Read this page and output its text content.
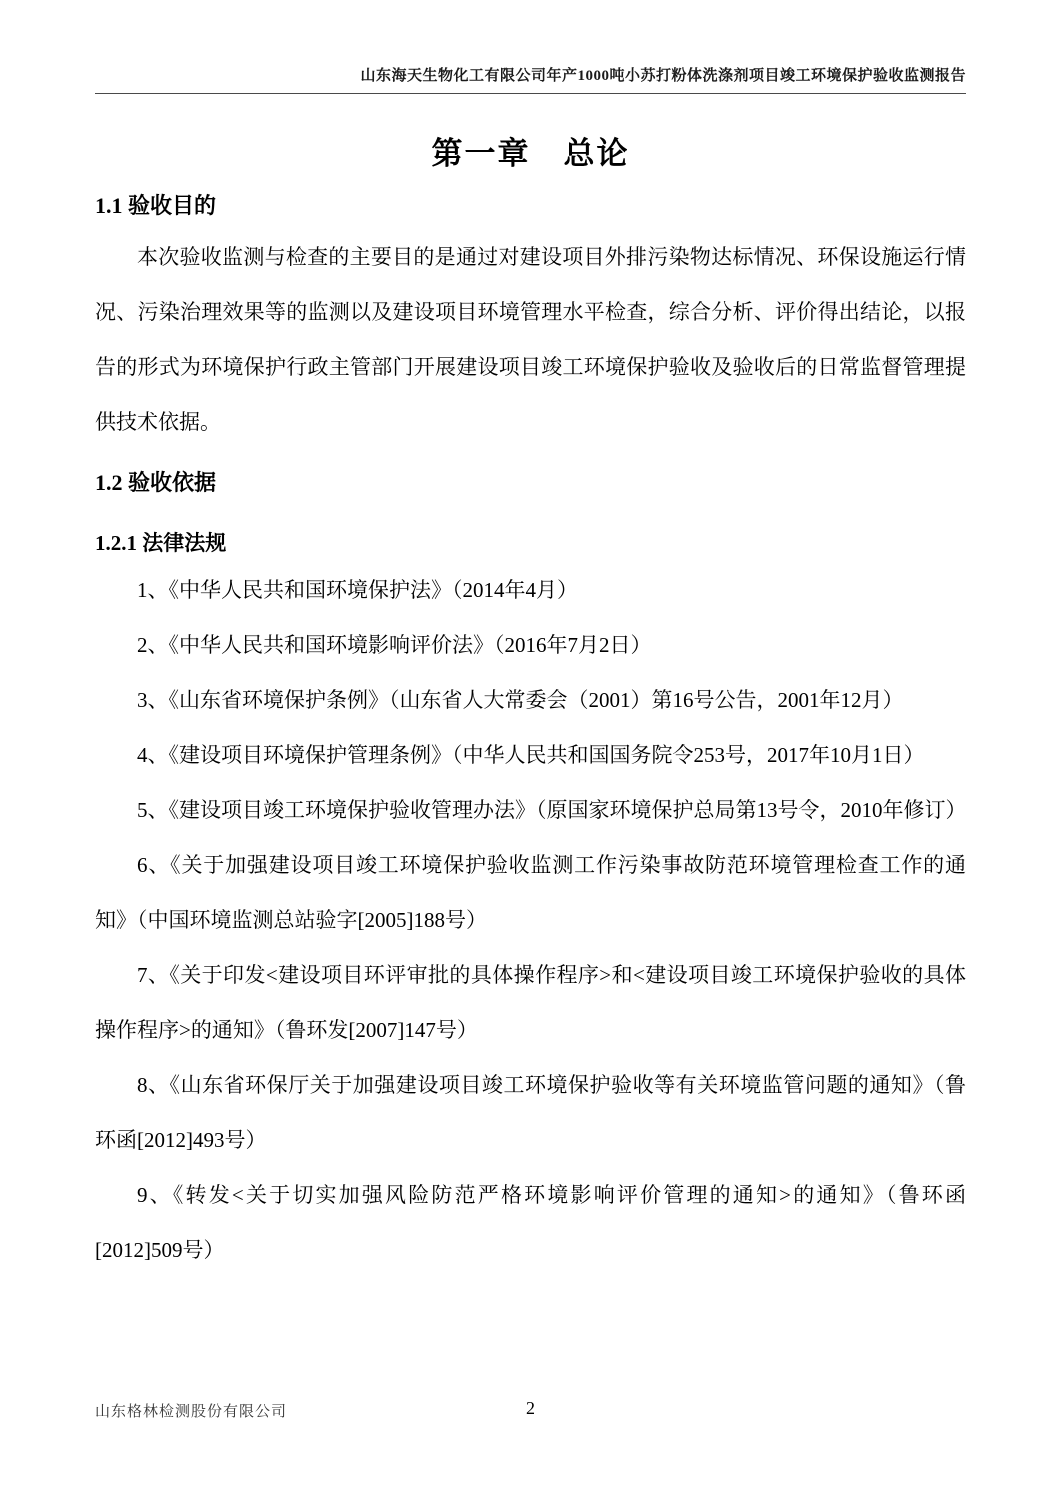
山东海天生物化工有限公司年产1000吨小苏打粉体洗涤剂项目竣工环境保护验收监测报告
第一章　总论
1.1 验收目的

本次验收监测与检查的主要目的是通过对建设项目外排污染物达标情况、环保设施运行情况、污染治理效果等的监测以及建设项目环境管理水平检查，综合分析、评价得出结论，以报告的形式为环境保护行政主管部门开展建设项目竣工环境保护验收及验收后的日常监督管理提供技术依据。

1.2 验收依据
1.2.1 法律法规

1、《中华人民共和国环境保护法》（2014年4月）

2、《中华人民共和国环境影响评价法》（2016年7月2日）

3、《山东省环境保护条例》（山东省人大常委会（2001）第16号公告，2001年12月）

4、《建设项目环境保护管理条例》（中华人民共和国国务院令253号，2017年10月1日）

5、《建设项目竣工环境保护验收管理办法》（原国家环境保护总局第13号令，2010年修订）

6、《关于加强建设项目竣工环境保护验收监测工作污染事故防范环境管理检查工作的通知》（中国环境监测总站验字[2005]188号）

7、《关于印发<建设项目环评审批的具体操作程序>和<建设项目竣工环境保护验收的具体操作程序>的通知》（鲁环发[2007]147号）

8、《山东省环保厅关于加强建设项目竣工环境保护验收等有关环境监管问题的通知》（鲁环函[2012]493号）

9、《转发<关于切实加强风险防范严格环境影响评价管理的通知>的通知》（鲁环函[2012]509号）

山东格林检测股份有限公司	2
